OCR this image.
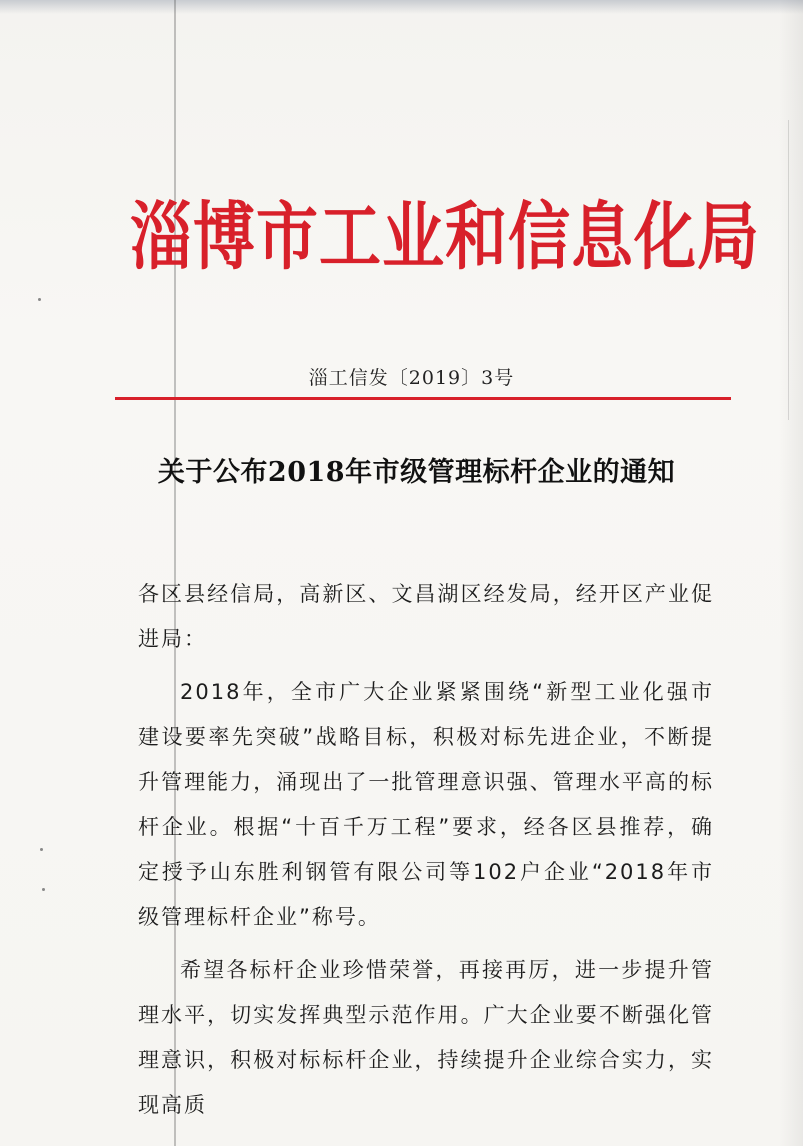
淄博市工业和信息化局
淄工信发〔2019〕3号
关于公布2018年市级管理标杆企业的通知

各区县经信局，高新区、文昌湖区经发局，经开区产业促进局：

2018年，全市广大企业紧紧围绕“新型工业化强市建设要率先突破”战略目标，积极对标先进企业，不断提升管理能力，涌现出了一批管理意识强、管理水平高的标杆企业。根据“十百千万工程”要求，经各区县推荐，确定授予山东胜利钢管有限公司等102户企业“2018年市级管理标杆企业”称号。

希望各标杆企业珍惜荣誉，再接再厉，进一步提升管理水平，切实发挥典型示范作用。广大企业要不断强化管理意识，积极对标标杆企业，持续提升企业综合实力，实现高质
